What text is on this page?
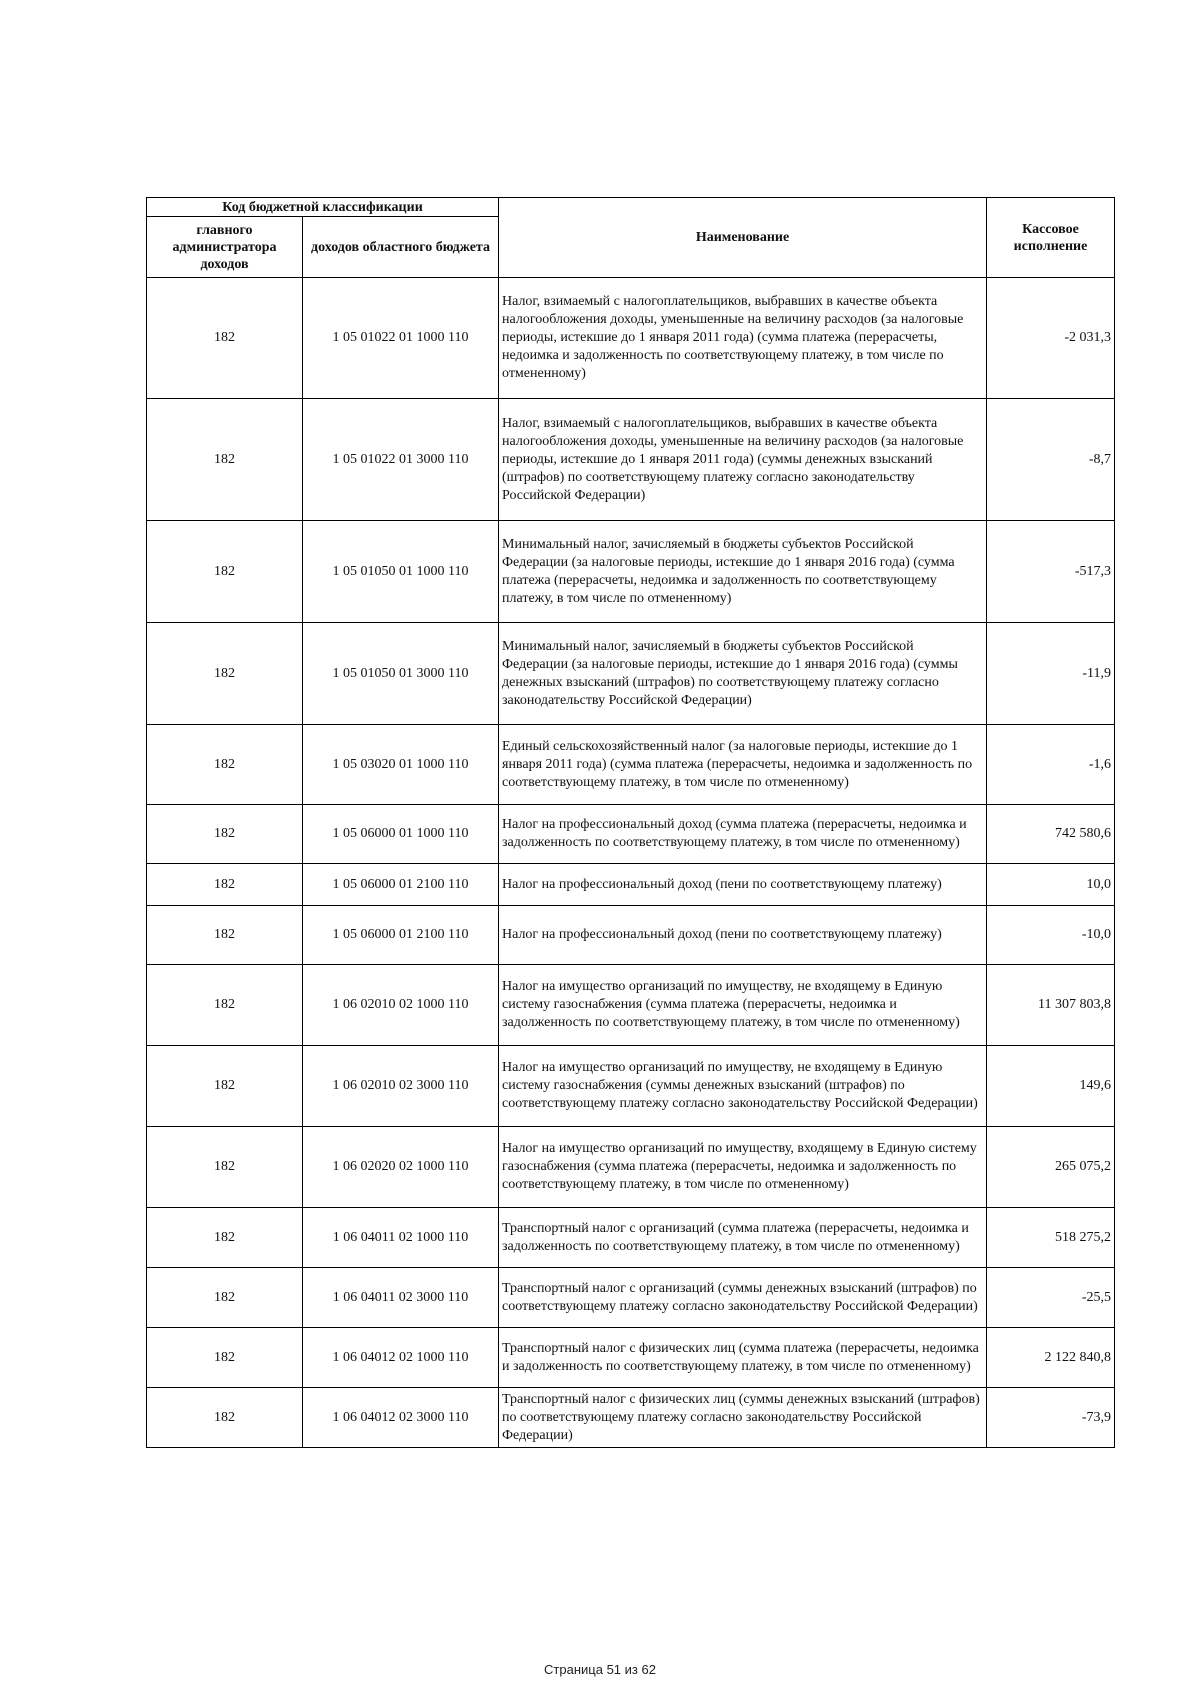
Код бюджетной классификации		Наименование	Кассовое исполнение
главного администратора доходов	доходов областного бюджета		
182	1 05 01022 01 1000 110	Налог, взимаемый с налогоплательщиков, выбравших в качестве объекта налогообложения доходы, уменьшенные на величину расходов (за налоговые периоды, истекшие до 1 января 2011 года) (сумма платежа (перерасчеты, недоимка и задолженность по соответствующему платежу, в том числе по отмененному)	-2 031,3
182	1 05 01022 01 3000 110	Налог, взимаемый с налогоплательщиков, выбравших в качестве объекта налогообложения доходы, уменьшенные на величину расходов (за налоговые периоды, истекшие до 1 января 2011 года) (суммы денежных взысканий (штрафов) по соответствующему платежу согласно законодательству Российской Федерации)	-8,7
182	1 05 01050 01 1000 110	Минимальный налог, зачисляемый в бюджеты субъектов Российской Федерации (за налоговые периоды, истекшие до 1 января 2016 года) (сумма платежа (перерасчеты, недоимка и задолженность по соответствующему платежу, в том числе по отмененному)	-517,3
182	1 05 01050 01 3000 110	Минимальный налог, зачисляемый в бюджеты субъектов Российской Федерации (за налоговые периоды, истекшие до 1 января 2016 года) (суммы денежных взысканий (штрафов) по соответствующему платежу согласно законодательству Российской Федерации)	-11,9
182	1 05 03020 01 1000 110	Единый сельскохозяйственный налог (за налоговые периоды, истекшие до 1 января 2011 года) (сумма платежа (перерасчеты, недоимка и задолженность по соответствующему платежу, в том числе по отмененному)	-1,6
182	1 05 06000 01 1000 110	Налог на профессиональный доход (сумма платежа (перерасчеты, недоимка и задолженность по соответствующему платежу, в том числе по отмененному)	742 580,6
182	1 05 06000 01 2100 110	Налог на профессиональный доход (пени по соответствующему платежу)	10,0
182	1 05 06000 01 2100 110	Налог на профессиональный доход (пени по соответствующему платежу)	-10,0
182	1 06 02010 02 1000 110	Налог на имущество организаций по имуществу, не входящему в Единую систему газоснабжения (сумма платежа (перерасчеты, недоимка и задолженность по соответствующему платежу, в том числе по отмененному)	11 307 803,8
182	1 06 02010 02 3000 110	Налог на имущество организаций по имуществу, не входящему в Единую систему газоснабжения (суммы денежных взысканий (штрафов) по соответствующему платежу согласно законодательству Российской Федерации)	149,6
182	1 06 02020 02 1000 110	Налог на имущество организаций по имуществу, входящему в Единую систему газоснабжения (сумма платежа (перерасчеты, недоимка и задолженность по соответствующему платежу, в том числе по отмененному)	265 075,2
182	1 06 04011 02 1000 110	Транспортный налог с организаций (сумма платежа (перерасчеты, недоимка и задолженность по соответствующему платежу, в том числе по отмененному)	518 275,2
182	1 06 04011 02 3000 110	Транспортный налог с организаций (суммы денежных взысканий (штрафов) по соответствующему платежу согласно законодательству Российской Федерации)	-25,5
182	1 06 04012 02 1000 110	Транспортный налог с физических лиц (сумма платежа (перерасчеты, недоимка и задолженность по соответствующему платежу, в том числе по отмененному)	2 122 840,8
182	1 06 04012 02 3000 110	Транспортный налог с физических лиц (суммы денежных взысканий (штрафов) по соответствующему платежу согласно законодательству Российской Федерации)	-73,9
Страница 51 из 62
